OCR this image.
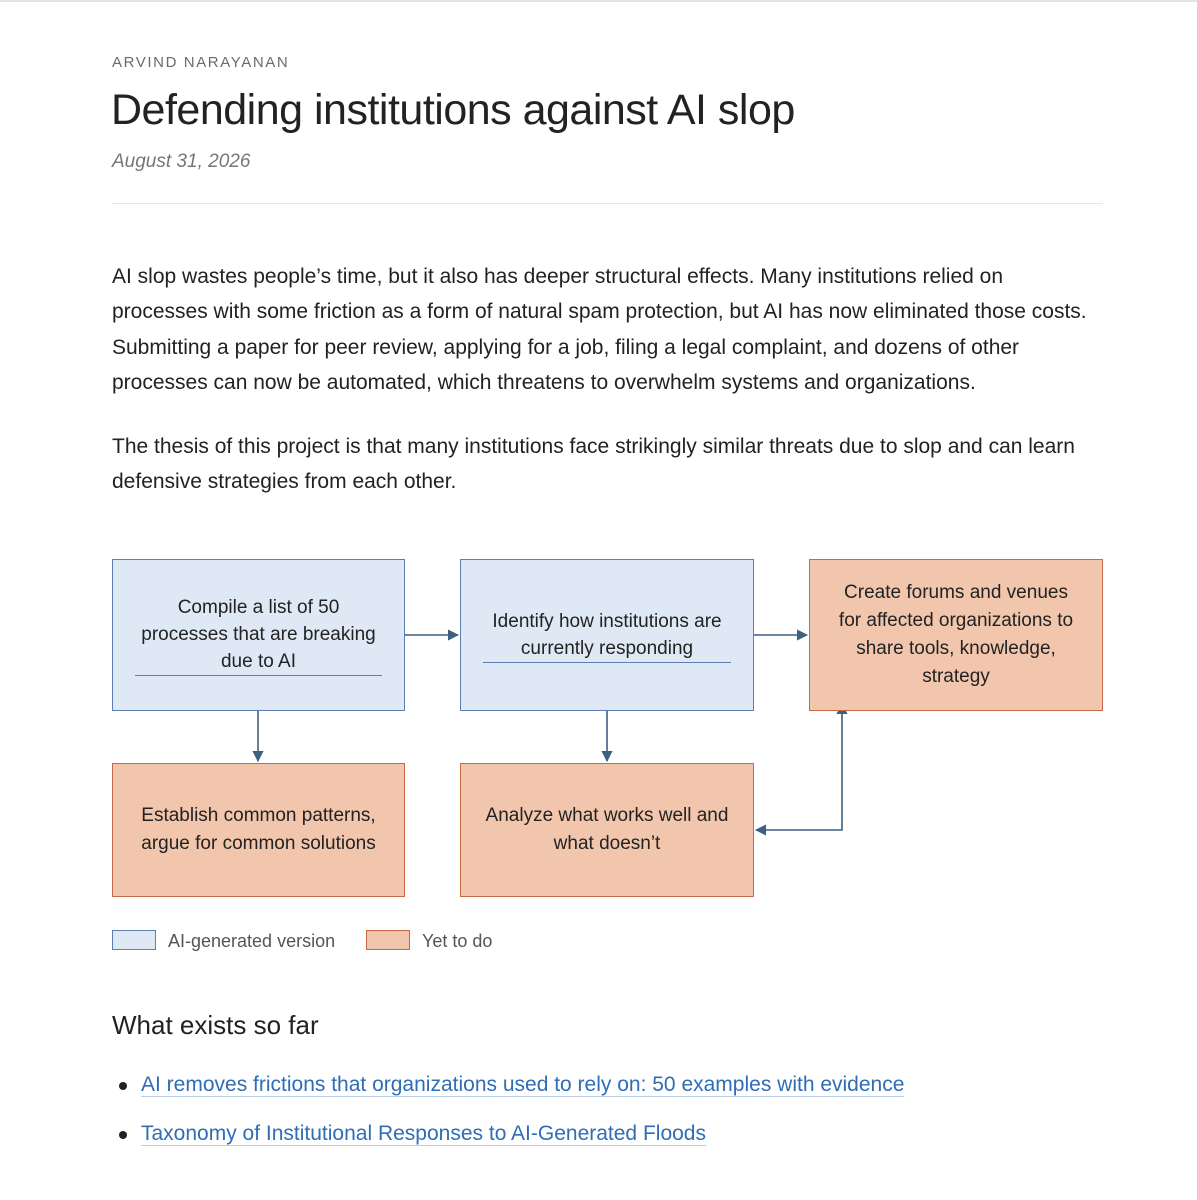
ARVIND NARAYANAN
Defending institutions against AI slop
August 31, 2026

AI slop wastes people’s time, but it also has deeper structural effects. Many institutions relied on processes with some friction as a form of natural spam protection, but AI has now eliminated those costs. Submitting a paper for peer review, applying for a job, filing a legal complaint, and dozens of other processes can now be automated, which threatens to overwhelm systems and organizations.

The thesis of this project is that many institutions face strikingly similar threats due to slop and can learn defensive strategies from each other.

Compile a list of 50 processes that are breaking due to AI
Identify how institutions are currently responding
Create forums and venues for affected organizations to share tools, knowledge, strategy
Establish common patterns, argue for common solutions
Analyze what works well and what doesn’t
AI-generated version	Yet to do
What exists so far
AI removes frictions that organizations used to rely on: 50 examples with evidence
Taxonomy of Institutional Responses to AI-Generated Floods
